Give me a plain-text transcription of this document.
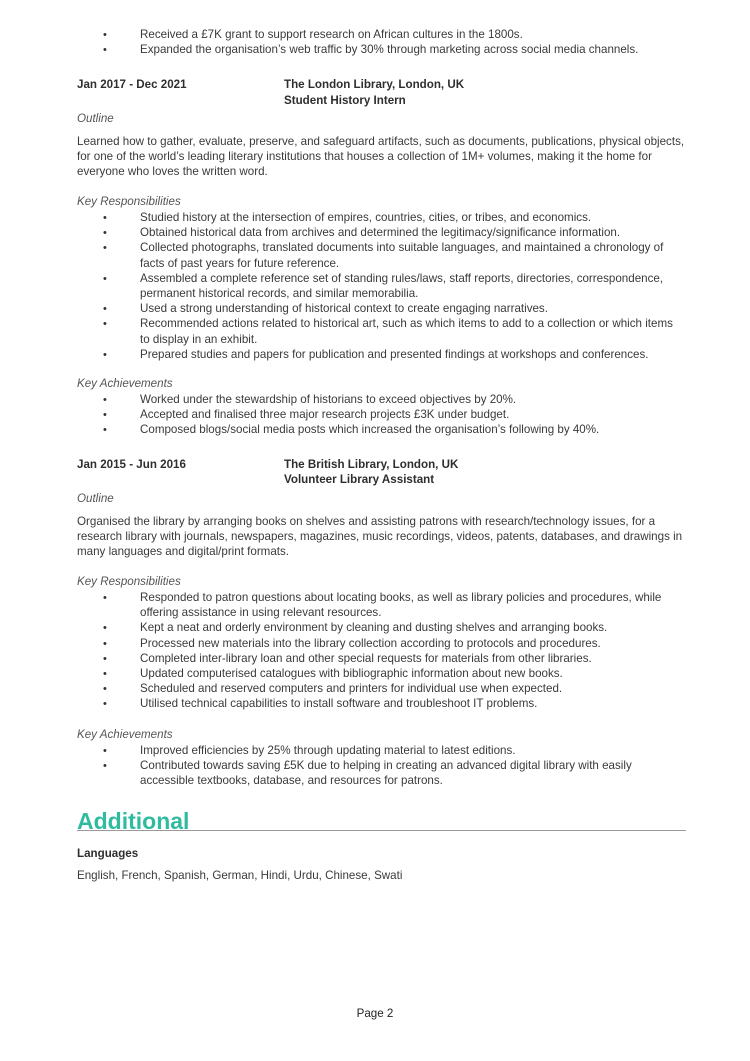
• Received a £7K grant to support research on African cultures in the 1800s.
• Expanded the organisation’s web traffic by 30% through marketing across social media channels.
Jan 2017 - Dec 2021	The London Library, London, UK
Student History Intern
Outline
Learned how to gather, evaluate, preserve, and safeguard artifacts, such as documents, publications, physical objects, for one of the world’s leading literary institutions that houses a collection of 1M+ volumes, making it the home for everyone who loves the written word.
Key Responsibilities
• Studied history at the intersection of empires, countries, cities, or tribes, and economics.
• Obtained historical data from archives and determined the legitimacy/significance information.
• Collected photographs, translated documents into suitable languages, and maintained a chronology of facts of past years for future reference.
• Assembled a complete reference set of standing rules/laws, staff reports, directories, correspondence, permanent historical records, and similar memorabilia.
• Used a strong understanding of historical context to create engaging narratives.
• Recommended actions related to historical art, such as which items to add to a collection or which items to display in an exhibit.
• Prepared studies and papers for publication and presented findings at workshops and conferences.
Key Achievements
• Worked under the stewardship of historians to exceed objectives by 20%.
• Accepted and finalised three major research projects £3K under budget.
• Composed blogs/social media posts which increased the organisation’s following by 40%.
Jan 2015 - Jun 2016	The British Library, London, UK
Volunteer Library Assistant
Outline
Organised the library by arranging books on shelves and assisting patrons with research/technology issues, for a research library with journals, newspapers, magazines, music recordings, videos, patents, databases, and drawings in many languages and digital/print formats.
Key Responsibilities
• Responded to patron questions about locating books, as well as library policies and procedures, while offering assistance in using relevant resources.
• Kept a neat and orderly environment by cleaning and dusting shelves and arranging books.
• Processed new materials into the library collection according to protocols and procedures.
• Completed inter-library loan and other special requests for materials from other libraries.
• Updated computerised catalogues with bibliographic information about new books.
• Scheduled and reserved computers and printers for individual use when expected.
• Utilised technical capabilities to install software and troubleshoot IT problems.
Key Achievements
• Improved efficiencies by 25% through updating material to latest editions.
• Contributed towards saving £5K due to helping in creating an advanced digital library with easily accessible textbooks, database, and resources for patrons.
Additional
Languages
English, French, Spanish, German, Hindi, Urdu, Chinese, Swati
Page 2
